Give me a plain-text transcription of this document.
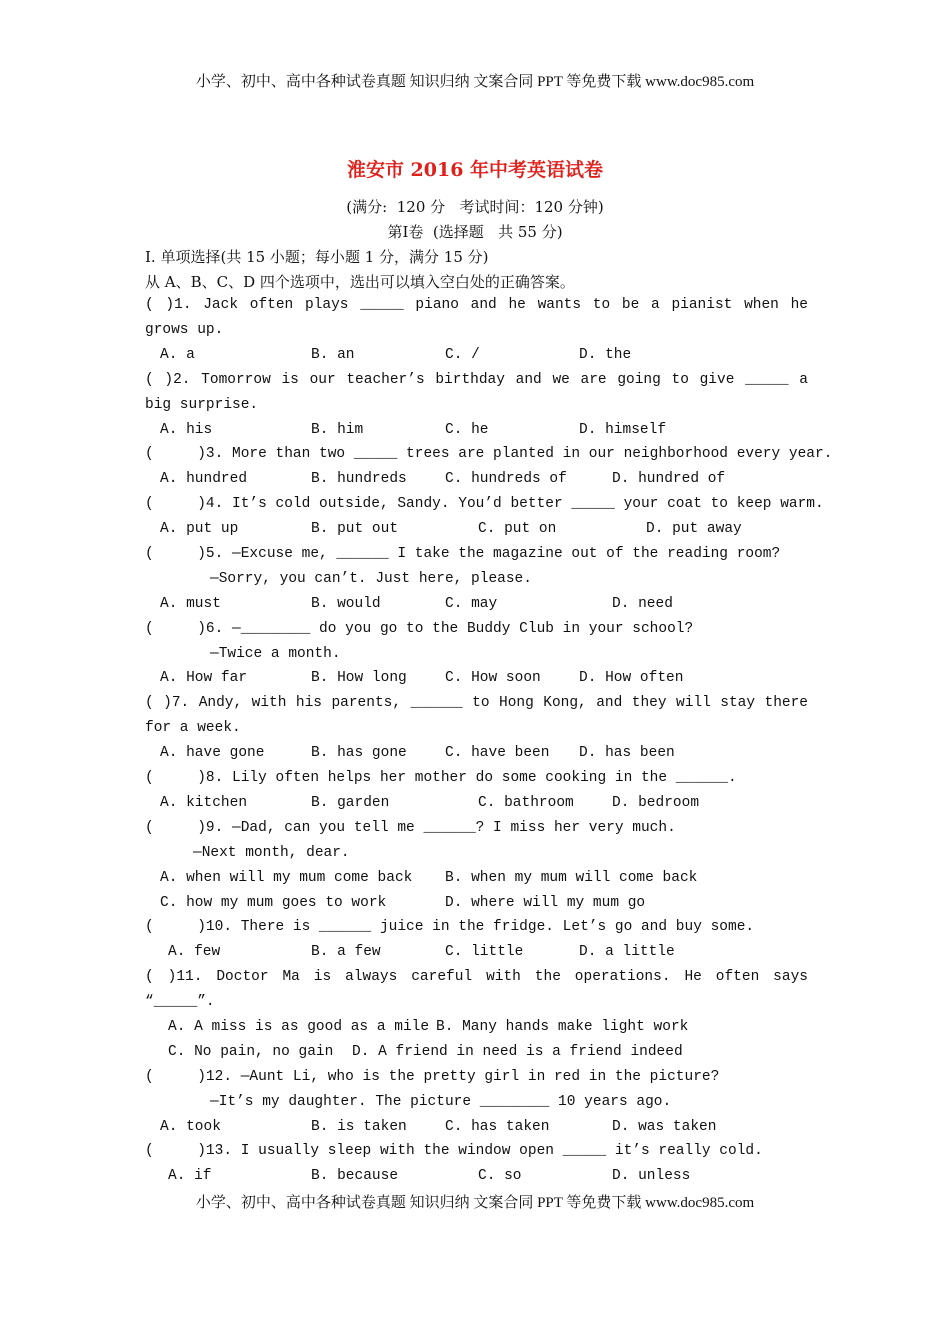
小学、初中、高中各种试卷真题 知识归纳 文案合同 PPT 等免费下载 www.doc985.com
淮安市 2016 年中考英语试卷
(满分:  120 分   考试时间：120 分钟)
第Ⅰ卷  (选择题   共 55 分)
Ⅰ. 单项选择(共 15 小题；每小题 1 分，满分 15 分)
从 A、B、C、D 四个选项中，选出可以填入空白处的正确答案。
( )1. Jack often plays _____ piano and he wants to be a pianist when he
grows up.
A. a	B. an	C. /	D. the
( )2. Tomorrow is our teacher’s birthday and we are going to give _____ a
big surprise.
A. his	B. him	C. he	D. himself
(     )3. More than two _____ trees are planted in our neighborhood every year.
A. hundred	B. hundreds	C. hundreds of	D. hundred of
(     )4. It’s cold outside, Sandy. You’d better _____ your coat to keep warm.
A. put up	B. put out	C. put on	D. put away
(     )5. —Excuse me, ______ I take the magazine out of the reading room?
—Sorry, you can’t. Just here, please.
A. must	B. would	C. may	D. need
(     )6. —________ do you go to the Buddy Club in your school?
—Twice a month.
A. How far	B. How long	C. How soon	D. How often
( )7. Andy, with his parents, ______ to Hong Kong, and they will stay there
for a week.
A. have gone	B. has gone	C. have been D. has been
(     )8. Lily often helps her mother do some cooking in the ______.
A. kitchen	B. garden	C. bathroom	D. bedroom
(     )9. —Dad, can you tell me ______? I miss her very much.
—Next month, dear.
A. when will my mum come back B. when my mum will come back
C. how my mum goes to work	D. where will my mum go
(     )10. There is ______ juice in the fridge. Let’s go and buy some.
A. few	B. a few	C. little	D. a little
( )11. Doctor Ma is always careful with the operations. He often says
“_____”.
A. A miss is as good as a mile B. Many hands make light work
C. No pain, no gain D. A friend in need is a friend indeed
(     )12. —Aunt Li, who is the pretty girl in red in the picture?
—It’s my daughter. The picture ________ 10 years ago.
A. took	B. is taken	C. has taken	D. was taken
(     )13. I usually sleep with the window open _____ it’s really cold.
A. if	B. because	C. so	D. unless
小学、初中、高中各种试卷真题 知识归纳 文案合同 PPT 等免费下载 www.doc985.com
